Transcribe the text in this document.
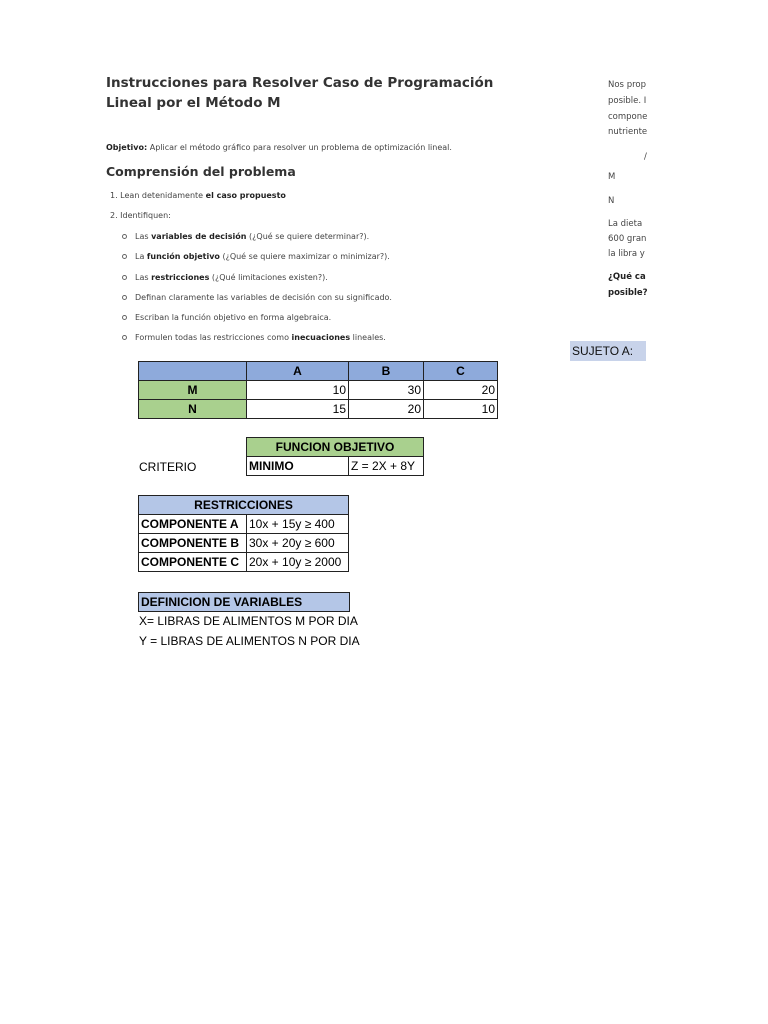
Instrucciones para Resolver Caso de Programación Lineal por el Método M
Objetivo: Aplicar el método gráfico para resolver un problema de optimización lineal.
Comprensión del problema
1. Lean detenidamente el caso propuesto
2. Identifiquen:
Las variables de decisión (¿Qué se quiere determinar?).
La función objetivo (¿Qué se quiere maximizar o minimizar?).
Las restricciones (¿Qué limitaciones existen?).
Definan claramente las variables de decisión con su significado.
Escriban la función objetivo en forma algebraica.
Formulen todas las restricciones como inecuaciones lineales.
Nos prop
posible. I
compone
nutriente
/
M
N
La dieta
600 gran
la libra y
¿Qué ca
posible?
SUJETO A:
	A	B	C
M	10	30	20
N	15	20	10
CRITERIO
FUNCION OBJETIVO
MINIMO	Z = 2X + 8Y
RESTRICCIONES	
COMPONENTE A	10x + 15y ≥ 400
COMPONENTE B	30x + 20y ≥ 600
COMPONENTE C	20x + 10y ≥ 2000
DEFINICION DE VARIABLES
X= LIBRAS DE ALIMENTOS M POR DIA
Y = LIBRAS DE ALIMENTOS N POR DIA
